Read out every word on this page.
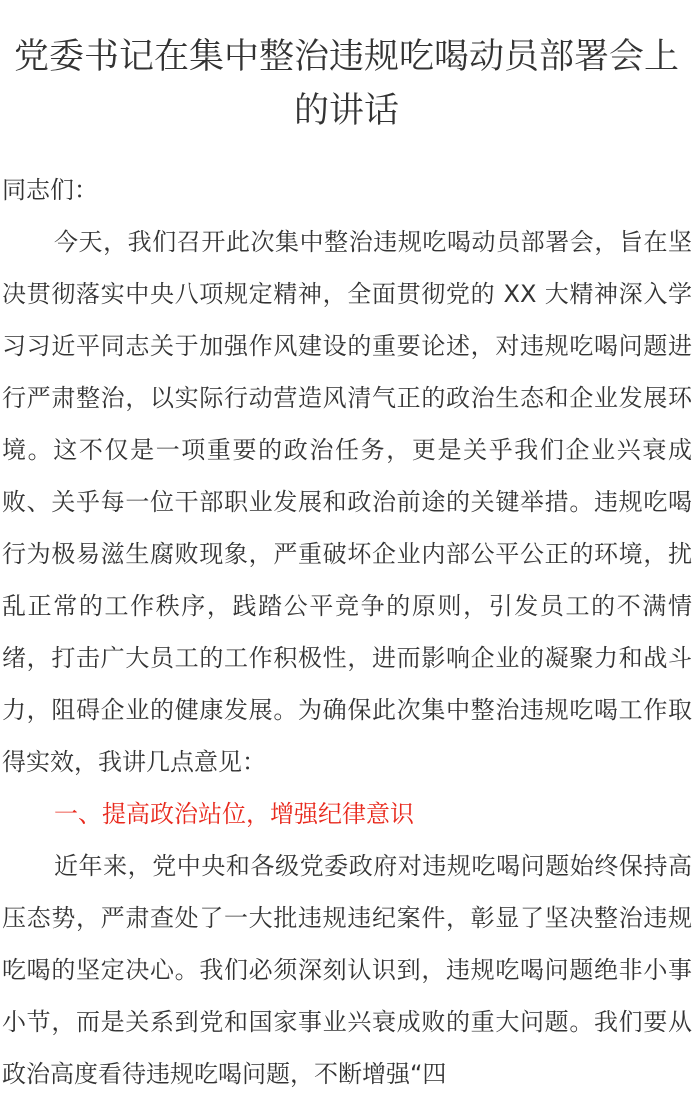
党委书记在集中整治违规吃喝动员部署会上的讲话
同志们：
今天，我们召开此次集中整治违规吃喝动员部署会，旨在坚决贯彻落实中央八项规定精神，全面贯彻党的 XX 大精神深入学习习近平同志关于加强作风建设的重要论述，对违规吃喝问题进行严肃整治，以实际行动营造风清气正的政治生态和企业发展环境。这不仅是一项重要的政治任务，更是关乎我们企业兴衰成败、关乎每一位干部职业发展和政治前途的关键举措。违规吃喝行为极易滋生腐败现象，严重破坏企业内部公平公正的环境，扰乱正常的工作秩序，践踏公平竞争的原则，引发员工的不满情绪，打击广大员工的工作积极性，进而影响企业的凝聚力和战斗力，阻碍企业的健康发展。为确保此次集中整治违规吃喝工作取得实效，我讲几点意见：
一、提高政治站位，增强纪律意识
近年来，党中央和各级党委政府对违规吃喝问题始终保持高压态势，严肃查处了一大批违规违纪案件，彰显了坚决整治违规吃喝的坚定决心。我们必须深刻认识到，违规吃喝问题绝非小事小节，而是关系到党和国家事业兴衰成败的重大问题。我们要从政治高度看待违规吃喝问题，不断增强“四
